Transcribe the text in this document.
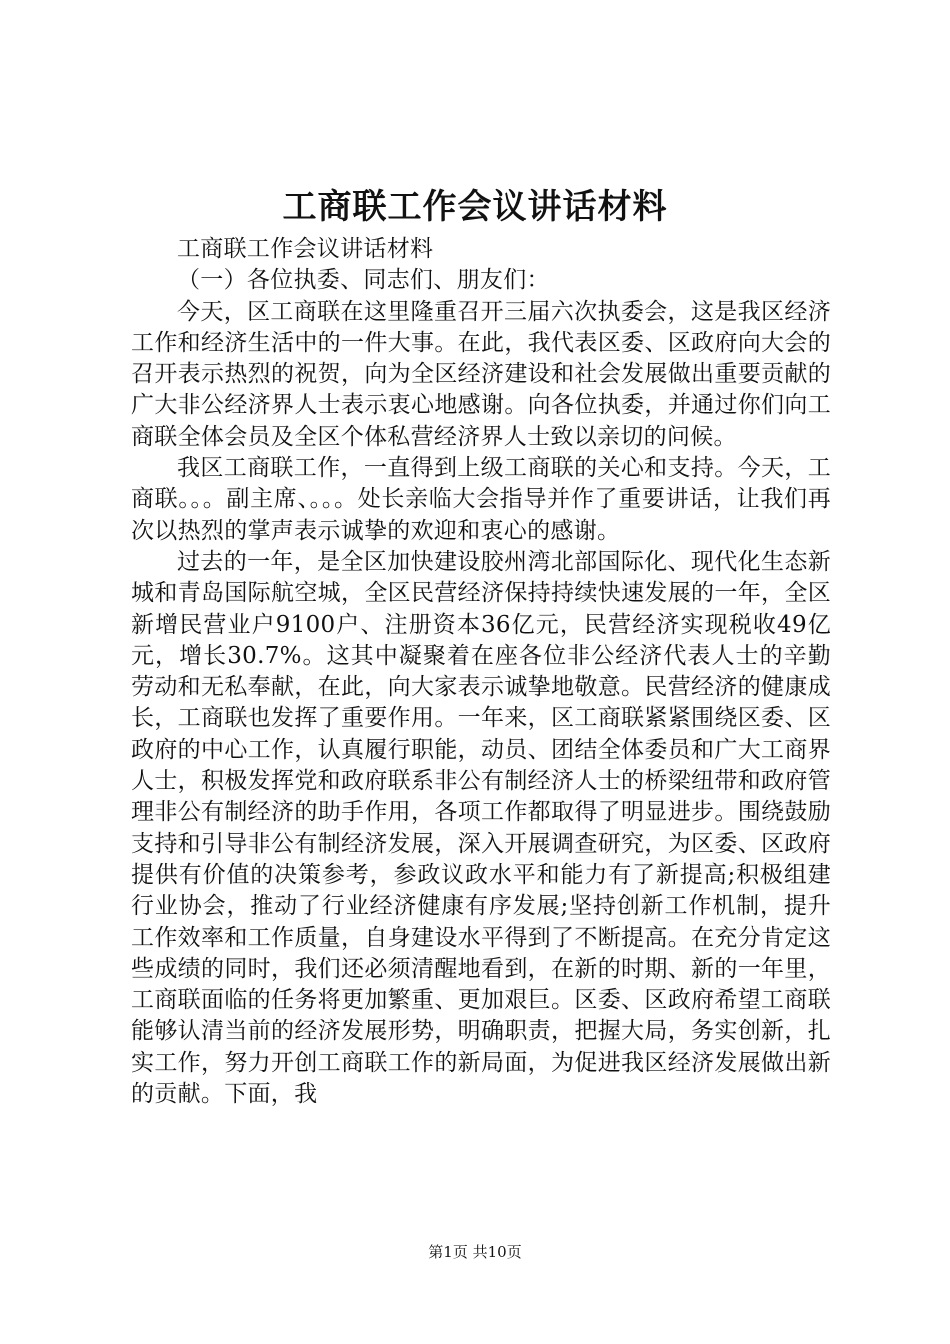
工商联工作会议讲话材料

工商联工作会议讲话材料

（一）各位执委、同志们、朋友们：

今天，区工商联在这里隆重召开三届六次执委会，这是我区经济工作和经济生活中的一件大事。在此，我代表区委、区政府向大会的召开表示热烈的祝贺，向为全区经济建设和社会发展做出重要贡献的广大非公经济界人士表示衷心地感谢。向各位执委，并通过你们向工商联全体会员及全区个体私营经济界人士致以亲切的问候。

我区工商联工作，一直得到上级工商联的关心和支持。今天，工商联。。。副主席、。。。处长亲临大会指导并作了重要讲话，让我们再次以热烈的掌声表示诚挚的欢迎和衷心的感谢。

过去的一年，是全区加快建设胶州湾北部国际化、现代化生态新城和青岛国际航空城，全区民营经济保持持续快速发展的一年，全区新增民营业户9100户、注册资本36亿元，民营经济实现税收49亿元，增长30.7%。这其中凝聚着在座各位非公经济代表人士的辛勤劳动和无私奉献，在此，向大家表示诚挚地敬意。民营经济的健康成长，工商联也发挥了重要作用。一年来，区工商联紧紧围绕区委、区政府的中心工作，认真履行职能，动员、团结全体委员和广大工商界人士，积极发挥党和政府联系非公有制经济人士的桥梁纽带和政府管理非公有制经济的助手作用，各项工作都取得了明显进步。围绕鼓励支持和引导非公有制经济发展，深入开展调查研究，为区委、区政府提供有价值的决策参考，参政议政水平和能力有了新提高;积极组建行业协会，推动了行业经济健康有序发展;坚持创新工作机制，提升工作效率和工作质量，自身建设水平得到了不断提高。在充分肯定这些成绩的同时，我们还必须清醒地看到，在新的时期、新的一年里，工商联面临的任务将更加繁重、更加艰巨。区委、区政府希望工商联能够认清当前的经济发展形势，明确职责，把握大局，务实创新，扎实工作，努力开创工商联工作的新局面，为促进我区经济发展做出新的贡献。下面，我

第1页 共10页
